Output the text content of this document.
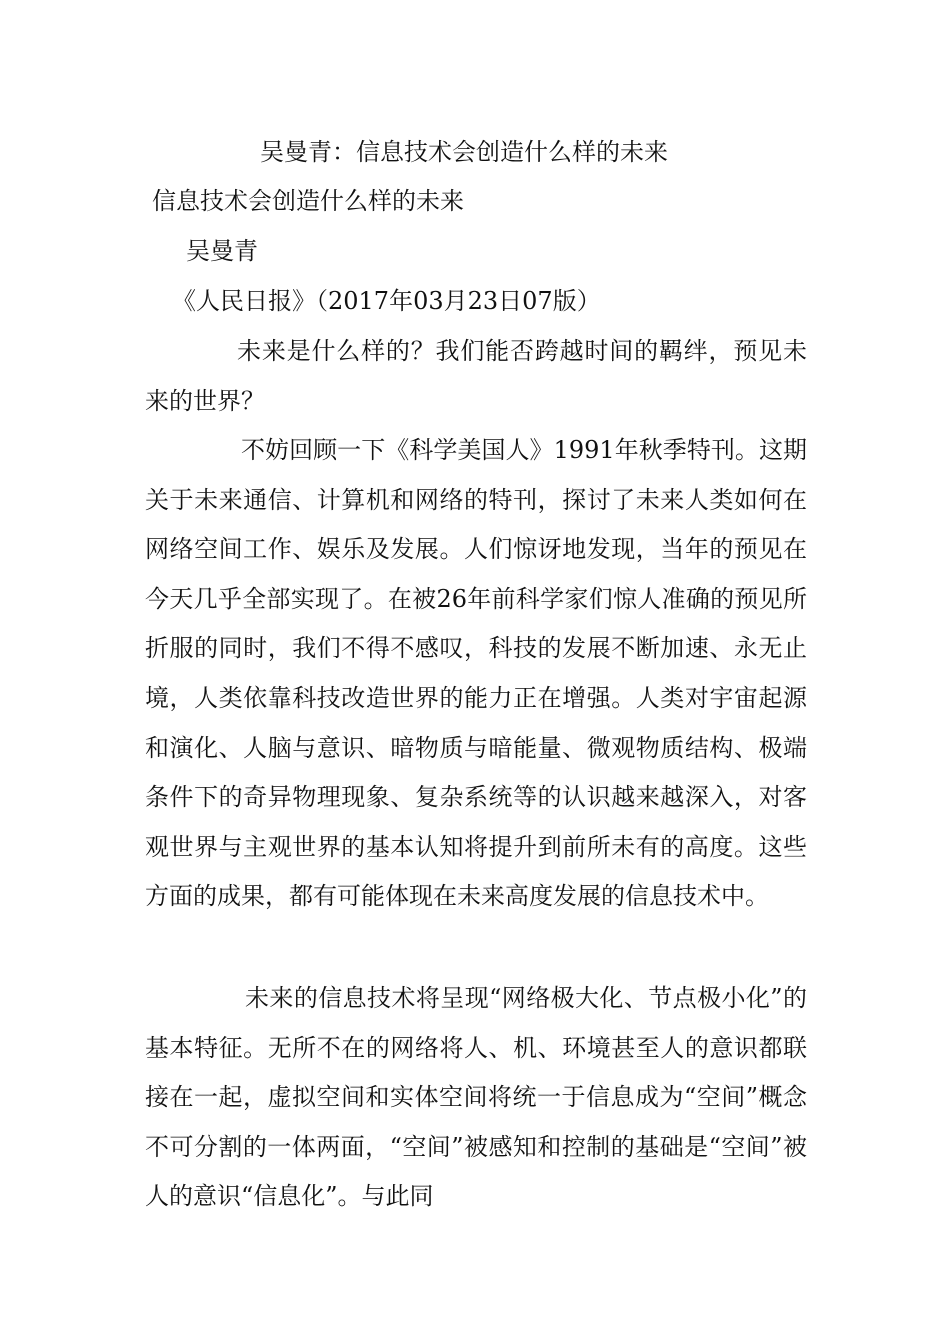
吴曼青：信息技术会创造什么样的未来
信息技术会创造什么样的未来
吴曼青
《人民日报》（2017年03月23日07版）

未来是什么样的？我们能否跨越时间的羁绊，预见未来的世界？

不妨回顾一下《科学美国人》1991年秋季特刊。这期关于未来通信、计算机和网络的特刊，探讨了未来人类如何在网络空间工作、娱乐及发展。人们惊讶地发现，当年的预见在今天几乎全部实现了。在被26年前科学家们惊人准确的预见所折服的同时，我们不得不感叹，科技的发展不断加速、永无止境，人类依靠科技改造世界的能力正在增强。人类对宇宙起源和演化、人脑与意识、暗物质与暗能量、微观物质结构、极端条件下的奇异物理现象、复杂系统等的认识越来越深入，对客观世界与主观世界的基本认知将提升到前所未有的高度。这些方面的成果，都有可能体现在未来高度发展的信息技术中。

未来的信息技术将呈现“网络极大化、节点极小化”的基本特征。无所不在的网络将人、机、环境甚至人的意识都联接在一起，虚拟空间和实体空间将统一于信息成为“空间”概念不可分割的一体两面，“空间”被感知和控制的基础是“空间”被人的意识“信息化”。与此同
